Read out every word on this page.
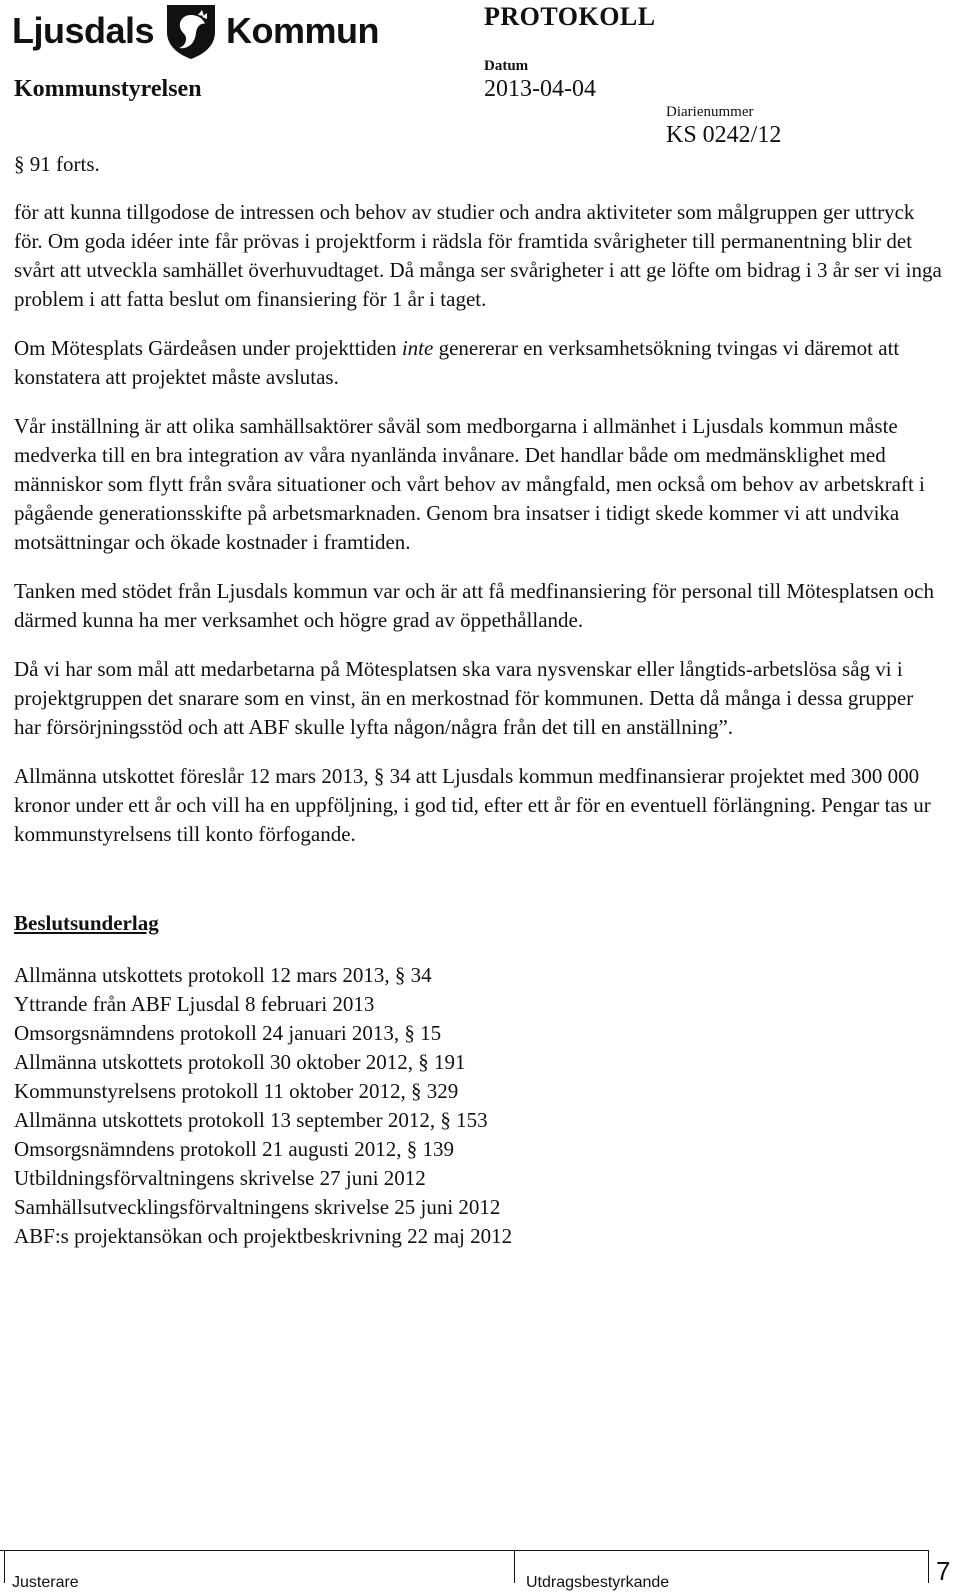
Ljusdals Kommun	PROTOKOLL
Kommunstyrelsen
Datum
2013-04-04
Diarienummer
KS 0242/12
§ 91 forts.

för att kunna tillgodose de intressen och behov av studier och andra aktiviteter som målgruppen ger uttryck för. Om goda idéer inte får prövas i projektform i rädsla för framtida svårigheter till permanentning blir det svårt att utveckla samhället överhuvudtaget. Då många ser svårigheter i att ge löfte om bidrag i 3 år ser vi inga problem i att fatta beslut om finansiering för 1 år i taget.

Om Mötesplats Gärdeåsen under projekttiden inte genererar en verksamhetsökning tvingas vi däremot att konstatera att projektet måste avslutas.

Vår inställning är att olika samhällsaktörer såväl som medborgarna i allmänhet i Ljusdals kommun måste medverka till en bra integration av våra nyanlända invånare. Det handlar både om medmänsklighet med människor som flytt från svåra situationer och vårt behov av mångfald, men också om behov av arbetskraft i pågående generationsskifte på arbetsmarknaden. Genom bra insatser i tidigt skede kommer vi att undvika motsättningar och ökade kostnader i framtiden.

Tanken med stödet från Ljusdals kommun var och är att få medfinansiering för personal till Mötesplatsen och därmed kunna ha mer verksamhet och högre grad av öppethållande.

Då vi har som mål att medarbetarna på Mötesplatsen ska vara nysvenskar eller långtids-arbetslösa såg vi i projektgruppen det snarare som en vinst, än en merkostnad för kommunen. Detta då många i dessa grupper har försörjningsstöd och att ABF skulle lyfta någon/några från det till en anställning”.

Allmänna utskottet föreslår 12 mars 2013, § 34 att Ljusdals kommun medfinansierar projektet med 300 000 kronor under ett år och vill ha en uppföljning, i god tid, efter ett år för en eventuell förlängning. Pengar tas ur kommunstyrelsens till konto förfogande.

Beslutsunderlag
Allmänna utskottets protokoll 12 mars 2013, § 34
Yttrande från ABF Ljusdal 8 februari 2013
Omsorgsnämndens protokoll 24 januari 2013, § 15
Allmänna utskottets protokoll 30 oktober 2012, § 191
Kommunstyrelsens protokoll 11 oktober 2012, § 329
Allmänna utskottets protokoll 13 september 2012, § 153
Omsorgsnämndens protokoll 21 augusti 2012, § 139
Utbildningsförvaltningens skrivelse 27 juni 2012
Samhällsutvecklingsförvaltningens skrivelse 25 juni 2012
ABF:s projektansökan och projektbeskrivning 22 maj 2012
Justerare	Utdragsbestyrkande	7
